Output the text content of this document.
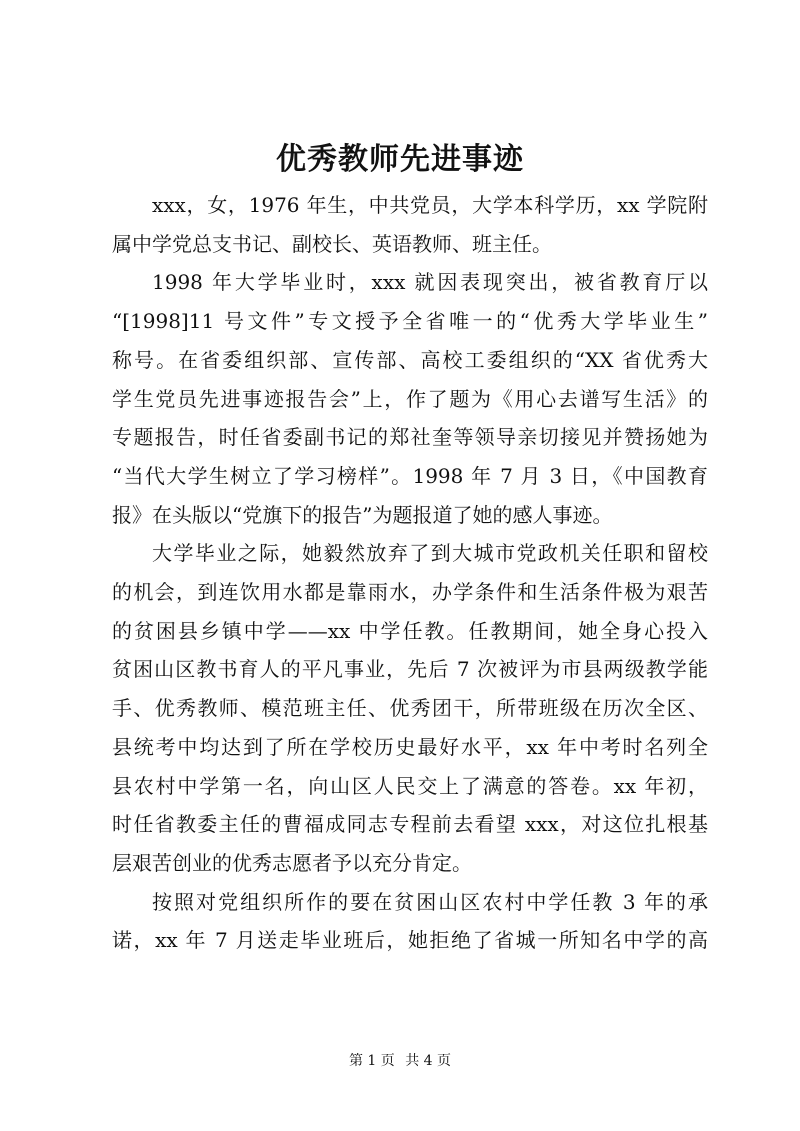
优秀教师先进事迹
xxx，女，1976 年生，中共党员，大学本科学历，xx 学院附
属中学党总支书记、副校长、英语教师、班主任。
1998 年大学毕业时，xxx 就因表现突出，被省教育厅以
“[1998]11 号文件”专文授予全省唯一的“优秀大学毕业生”
称号。在省委组织部、宣传部、高校工委组织的“XX 省优秀大
学生党员先进事迹报告会”上，作了题为《用心去谱写生活》的
专题报告，时任省委副书记的郑社奎等领导亲切接见并赞扬她为
“当代大学生树立了学习榜样”。1998 年 7 月 3 日，《中国教育
报》在头版以“党旗下的报告”为题报道了她的感人事迹。
大学毕业之际，她毅然放弃了到大城市党政机关任职和留校
的机会，到连饮用水都是靠雨水，办学条件和生活条件极为艰苦
的贫困县乡镇中学——xx 中学任教。任教期间，她全身心投入
贫困山区教书育人的平凡事业，先后 7 次被评为市县两级教学能
手、优秀教师、模范班主任、优秀团干，所带班级在历次全区、
县统考中均达到了所在学校历史最好水平，xx 年中考时名列全
县农村中学第一名，向山区人民交上了满意的答卷。xx 年初，
时任省教委主任的曹福成同志专程前去看望 xxx，对这位扎根基
层艰苦创业的优秀志愿者予以充分肯定。
按照对党组织所作的要在贫困山区农村中学任教 3 年的承
诺，xx 年 7 月送走毕业班后，她拒绝了省城一所知名中学的高
第 1 页 共 4 页
